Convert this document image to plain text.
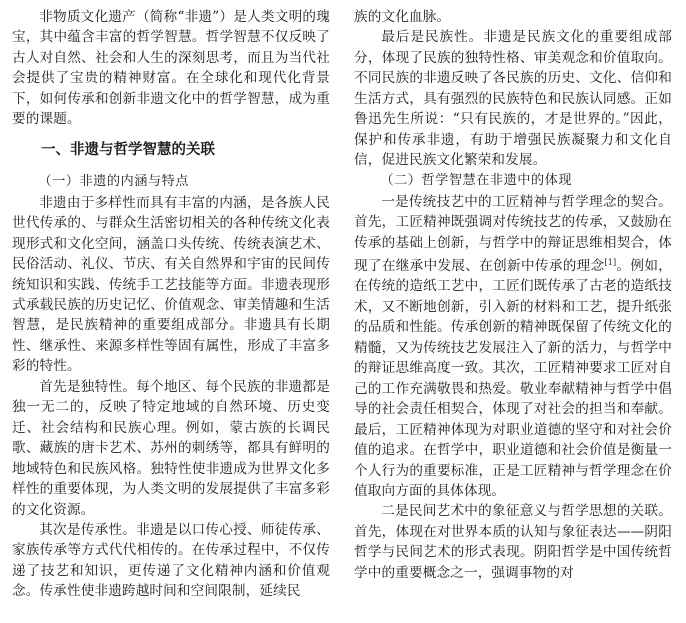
非物质文化遗产（简称“非遗”）是人类文明的瑰宝，其中蕴含丰富的哲学智慧。哲学智慧不仅反映了古人对自然、社会和人生的深刻思考，而且为当代社会提供了宝贵的精神财富。在全球化和现代化背景下，如何传承和创新非遗文化中的哲学智慧，成为重要的课题。

一、非遗与哲学智慧的关联
（一）非遗的内涵与特点

非遗由于多样性而具有丰富的内涵，是各族人民世代传承的、与群众生活密切相关的各种传统文化表现形式和文化空间，涵盖口头传统、传统表演艺术、民俗活动、礼仪、节庆、有关自然界和宇宙的民间传统知识和实践、传统手工艺技能等方面。非遗表现形式承载民族的历史记忆、价值观念、审美情趣和生活智慧，是民族精神的重要组成部分。非遗具有长期性、继承性、来源多样性等固有属性，形成了丰富多彩的特性。

首先是独特性。每个地区、每个民族的非遗都是独一无二的，反映了特定地域的自然环境、历史变迁、社会结构和民族心理。例如，蒙古族的长调民歌、藏族的唐卡艺术、苏州的刺绣等，都具有鲜明的地域特色和民族风格。独特性使非遗成为世界文化多样性的重要体现，为人类文明的发展提供了丰富多彩的文化资源。

其次是传承性。非遗是以口传心授、师徒传承、家族传承等方式代代相传的。在传承过程中，不仅传递了技艺和知识，更传递了文化精神内涵和价值观念。传承性使非遗跨越时间和空间限制，延续民

族的文化血脉。

最后是民族性。非遗是民族文化的重要组成部分，体现了民族的独特性格、审美观念和价值取向。不同民族的非遗反映了各民族的历史、文化、信仰和生活方式，具有强烈的民族特色和民族认同感。正如鲁迅先生所说：“只有民族的，才是世界的。”因此，保护和传承非遗，有助于增强民族凝聚力和文化自信，促进民族文化繁荣和发展。

（二）哲学智慧在非遗中的体现

一是传统技艺中的工匠精神与哲学理念的契合。首先，工匠精神既强调对传统技艺的传承，又鼓励在传承的基础上创新，与哲学中的辩证思维相契合，体现了在继承中发展、在创新中传承的理念[1]。例如，在传统的造纸工艺中，工匠们既传承了古老的造纸技术，又不断地创新，引入新的材料和工艺，提升纸张的品质和性能。传承创新的精神既保留了传统文化的精髓，又为传统技艺发展注入了新的活力，与哲学中的辩证思维高度一致。其次，工匠精神要求工匠对自己的工作充满敬畏和热爱。敬业奉献精神与哲学中倡导的社会责任相契合，体现了对社会的担当和奉献。最后，工匠精神体现为对职业道德的坚守和对社会价值的追求。在哲学中，职业道德和社会价值是衡量一个人行为的重要标准，正是工匠精神与哲学理念在价值取向方面的具体体现。

二是民间艺术中的象征意义与哲学思想的关联。首先，体现在对世界本质的认知与象征表达——阴阳哲学与民间艺术的形式表现。阴阳哲学是中国传统哲学中的重要概念之一，强调事物的对
